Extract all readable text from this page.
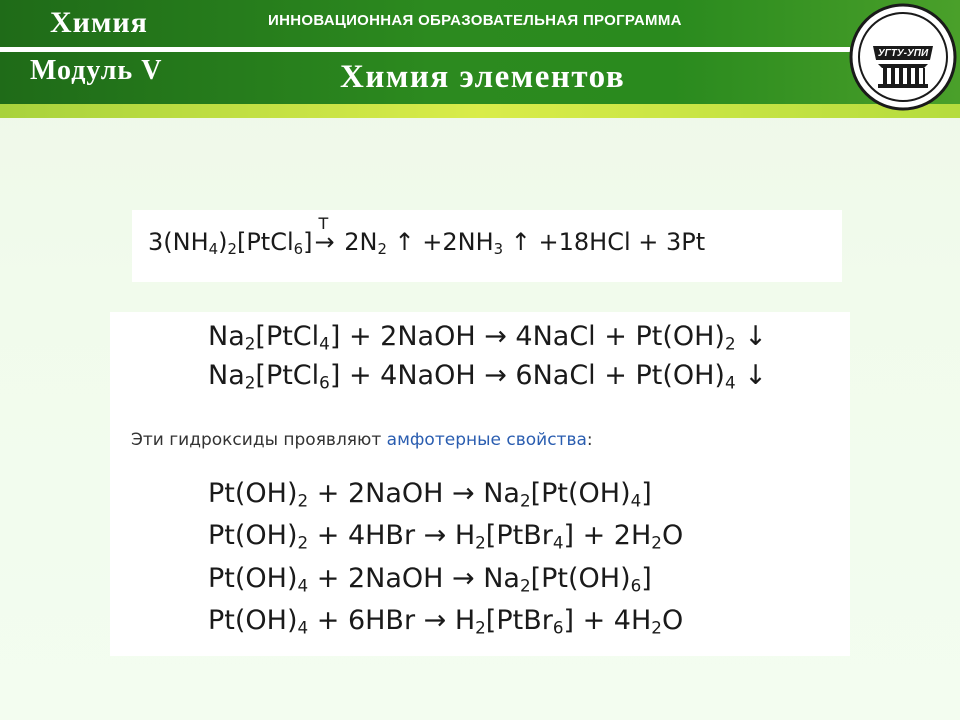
Химия
Модуль V
ИННОВАЦИОННАЯ ОБРАЗОВАТЕЛЬНАЯ ПРОГРАММА
Химия элементов
УГТУ-УПИ
$3(NH_4)_2[PtCl_6]$
T
→ $2N_2$ ↑ $+2NH_3$ ↑ +18HCl + 3Pt
$Na_2[PtCl_4]$ + 2NaOH → 4NaCl + $Pt(OH)_2$ ↓
$Na_2[PtCl_6]$ + 4NaOH → 6NaCl + $Pt(OH)_4$ ↓
Эти гидроксиды проявляют амфотерные свойства:
$Pt(OH)_2$ + 2NaOH → $Na_2[Pt(OH)_4]$
$Pt(OH)_2 + 4HBr$ → $H_2[PtBr_4] + 2H_2O$
$Pt(OH)_4$ + 2NaOH → $Na_2[Pt(OH)_6]$
$Pt(OH)_4 + 6HBr$ → $H_2[PtBr_6] + 4H_2O$
